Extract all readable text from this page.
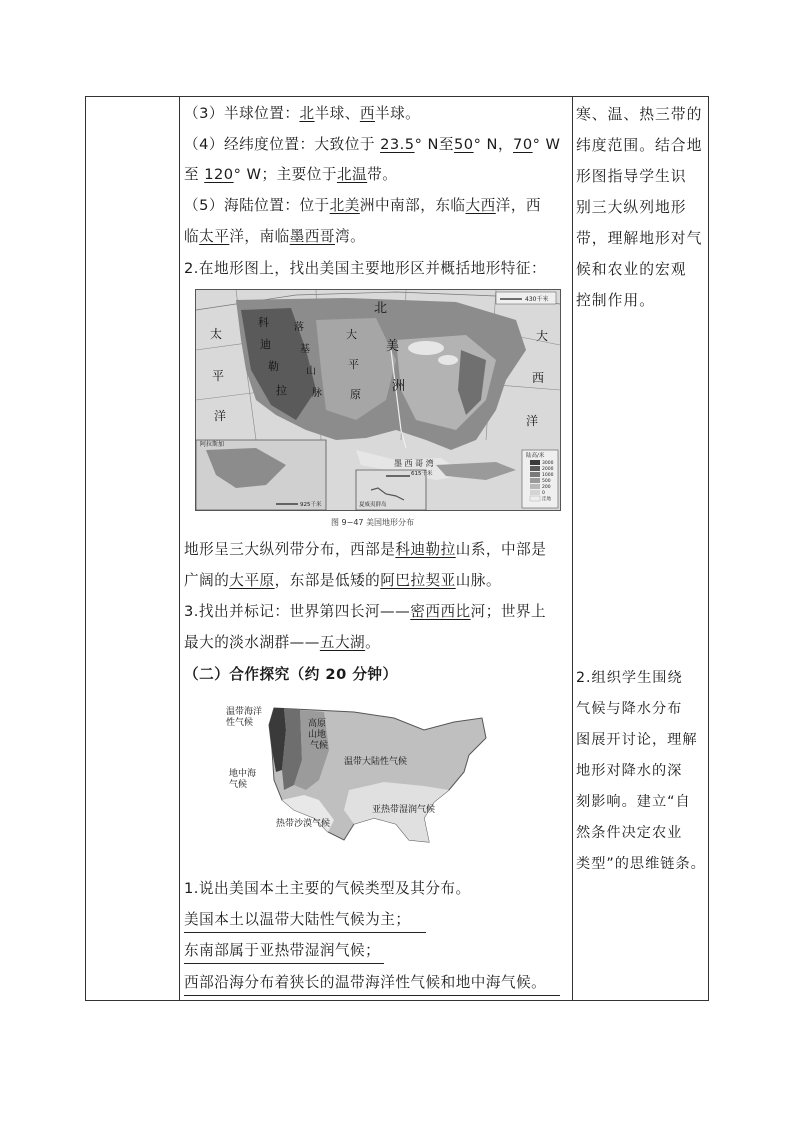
（3）半球位置：北半球、西半球。
（4）经纬度位置：大致位于 23.5° N至50° N，70° W
至 120° W；主要位于北温带。
（5）海陆位置：位于北美洲中南部，东临大西洋，西
临太平洋，南临墨西哥湾。
2.在地形图上，找出美国主要地形区并概括地形特征：
陆高/米
3000
2000
1000
500
200
0
洼地
430千米
925千米
615千米
阿拉斯加
夏威夷群岛
太
平
洋
科
迪
勒
拉
落
基
山
脉
北
美
洲
大
平
原
大
西
洋
墨 西 哥 湾
图 9−47 美国地形分布
地形呈三大纵列带分布，西部是科迪勒拉山系，中部是
广阔的大平原，东部是低矮的阿巴拉契亚山脉。
3.找出并标记：世界第四长河——密西西比河；世界上
最大的淡水湖群——五大湖。
（二）合作探究（约 20 分钟）
温带海洋性气候	高原山地气候
温带大陆性气候
地中海气候
热带沙漠气候
亚热带湿润气候
1.说出美国本土主要的气候类型及其分布。
美国本土以温带大陆性气候为主；
东南部属于亚热带湿润气候；
西部沿海分布着狭长的温带海洋性气候和地中海气候。
寒、温、热三带的
纬度范围。结合地
形图指导学生识
别三大纵列地形
带，理解地形对气
候和农业的宏观
控制作用。
2.组织学生围绕
气候与降水分布
图展开讨论，理解
地形对降水的深
刻影响。建立“自
然条件决定农业
类型”的思维链条。
